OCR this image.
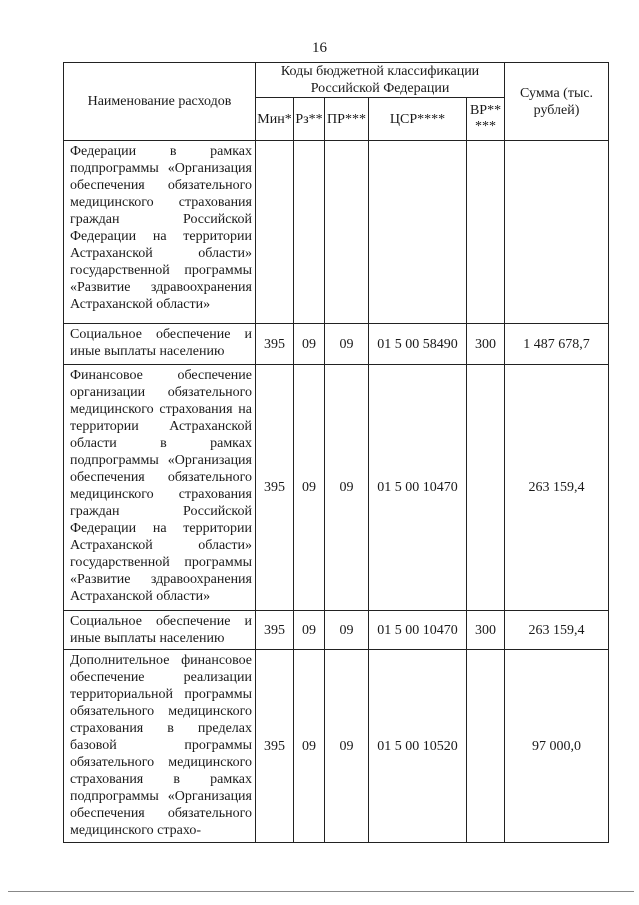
16
Наименование расходов	Коды бюджетной классификации Российской Федерации					Сумма (тыс. рублей)
	Мин*	Рз**	ПР***	ЦСР****	ВР** ***	

Федерации в рамках подпрограммы «Организация обеспечения обязательного медицинского страхования граждан Российской Федерации на территории Астраханской области» государственной программы «Развитие здравоохранения Астраханской области»						

Социальное обеспечение и иные выплаты населению	395	09	09	01 5 00 58490	300	1 487 678,7

Финансовое обеспечение организации обязательного медицинского страхования на территории Астраханской области в рамках подпрограммы «Организация обеспечения обязательного медицинского страхования граждан Российской Федерации на территории Астраханской области» государственной программы «Развитие здравоохранения Астраханской области»	395	09	09	01 5 00 10470		263 159,4

Социальное обеспечение и иные выплаты населению	395	09	09	01 5 00 10470	300	263 159,4

Дополнительное финансовое обеспечение реализации территориальной программы обязательного медицинского страхования в пределах базовой программы обязательного медицинского страхования в рамках подпрограммы «Организация обеспечения обязательного медицинского страхо-	395	09	09	01 5 00 10520		97 000,0
